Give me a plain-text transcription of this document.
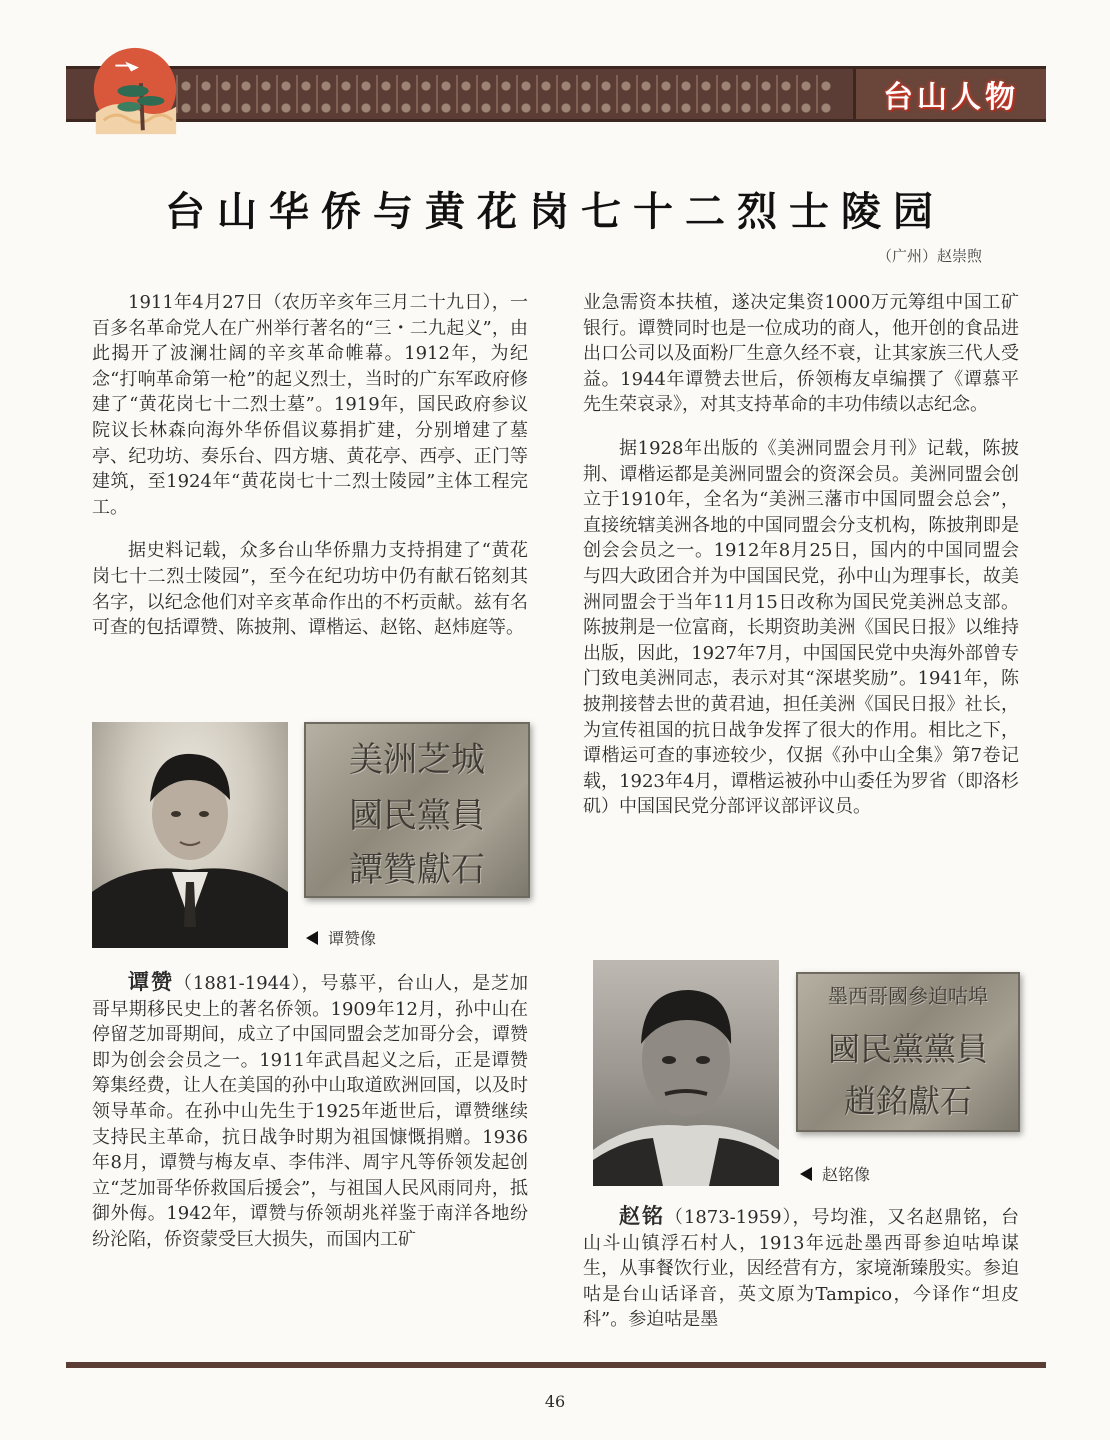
台山人物
台山华侨与黄花岗七十二烈士陵园
（广州）赵崇煦

1911年4月27日（农历辛亥年三月二十九日），一百多名革命党人在广州举行著名的“三・二九起义”，由此揭开了波澜壮阔的辛亥革命帷幕。1912年，为纪念“打响革命第一枪”的起义烈士，当时的广东军政府修建了“黄花岗七十二烈士墓”。1919年，国民政府参议院议长林森向海外华侨倡议募捐扩建，分别增建了墓亭、纪功坊、奏乐台、四方塘、黄花亭、西亭、正门等建筑，至1924年“黄花岗七十二烈士陵园”主体工程完工。

据史料记载，众多台山华侨鼎力支持捐建了“黄花岗七十二烈士陵园”，至今在纪功坊中仍有献石铭刻其名字，以纪念他们对辛亥革命作出的不朽贡献。兹有名可查的包括谭赞、陈披荆、谭楷运、赵铭、赵炜庭等。

美洲芝城
國民黨員
譚贊獻石
谭赞像

谭赞（1881-1944），号慕平，台山人，是芝加哥早期移民史上的著名侨领。1909年12月，孙中山在停留芝加哥期间，成立了中国同盟会芝加哥分会，谭赞即为创会会员之一。1911年武昌起义之后，正是谭赞筹集经费，让人在美国的孙中山取道欧洲回国，以及时领导革命。在孙中山先生于1925年逝世后，谭赞继续支持民主革命，抗日战争时期为祖国慷慨捐赠。1936年8月，谭赞与梅友卓、李伟泮、周宇凡等侨领发起创立“芝加哥华侨救国后援会”，与祖国人民风雨同舟，抵御外侮。1942年，谭赞与侨领胡兆祥鉴于南洋各地纷纷沦陷，侨资蒙受巨大损失，而国内工矿

业急需资本扶植，遂决定集资1000万元筹组中国工矿银行。谭赞同时也是一位成功的商人，他开创的食品进出口公司以及面粉厂生意久经不衰，让其家族三代人受益。1944年谭赞去世后，侨领梅友卓编撰了《谭慕平先生荣哀录》，对其支持革命的丰功伟绩以志纪念。

据1928年出版的《美洲同盟会月刊》记载，陈披荆、谭楷运都是美洲同盟会的资深会员。美洲同盟会创立于1910年，全名为“美洲三藩市中国同盟会总会”，直接统辖美洲各地的中国同盟会分支机构，陈披荆即是创会会员之一。1912年8月25日，国内的中国同盟会与四大政团合并为中国国民党，孙中山为理事长，故美洲同盟会于当年11月15日改称为国民党美洲总支部。陈披荆是一位富商，长期资助美洲《国民日报》以维持出版，因此，1927年7月，中国国民党中央海外部曾专门致电美洲同志，表示对其“深堪奖励”。1941年，陈披荆接替去世的黄君迪，担任美洲《国民日报》社长，为宣传祖国的抗日战争发挥了很大的作用。相比之下，谭楷运可查的事迹较少，仅据《孙中山全集》第7卷记载，1923年4月，谭楷运被孙中山委任为罗省（即洛杉矶）中国国民党分部评议部评议员。

墨西哥國參迫咕埠
國民黨黨員
趙銘獻石
赵铭像

赵铭（1873-1959），号均淮，又名赵鼎铭，台山斗山镇浮石村人，1913年远赴墨西哥参迫咕埠谋生，从事餐饮行业，因经营有方，家境渐臻殷实。参迫咕是台山话译音，英文原为Tampico，今译作“坦皮科”。参迫咕是墨

46
